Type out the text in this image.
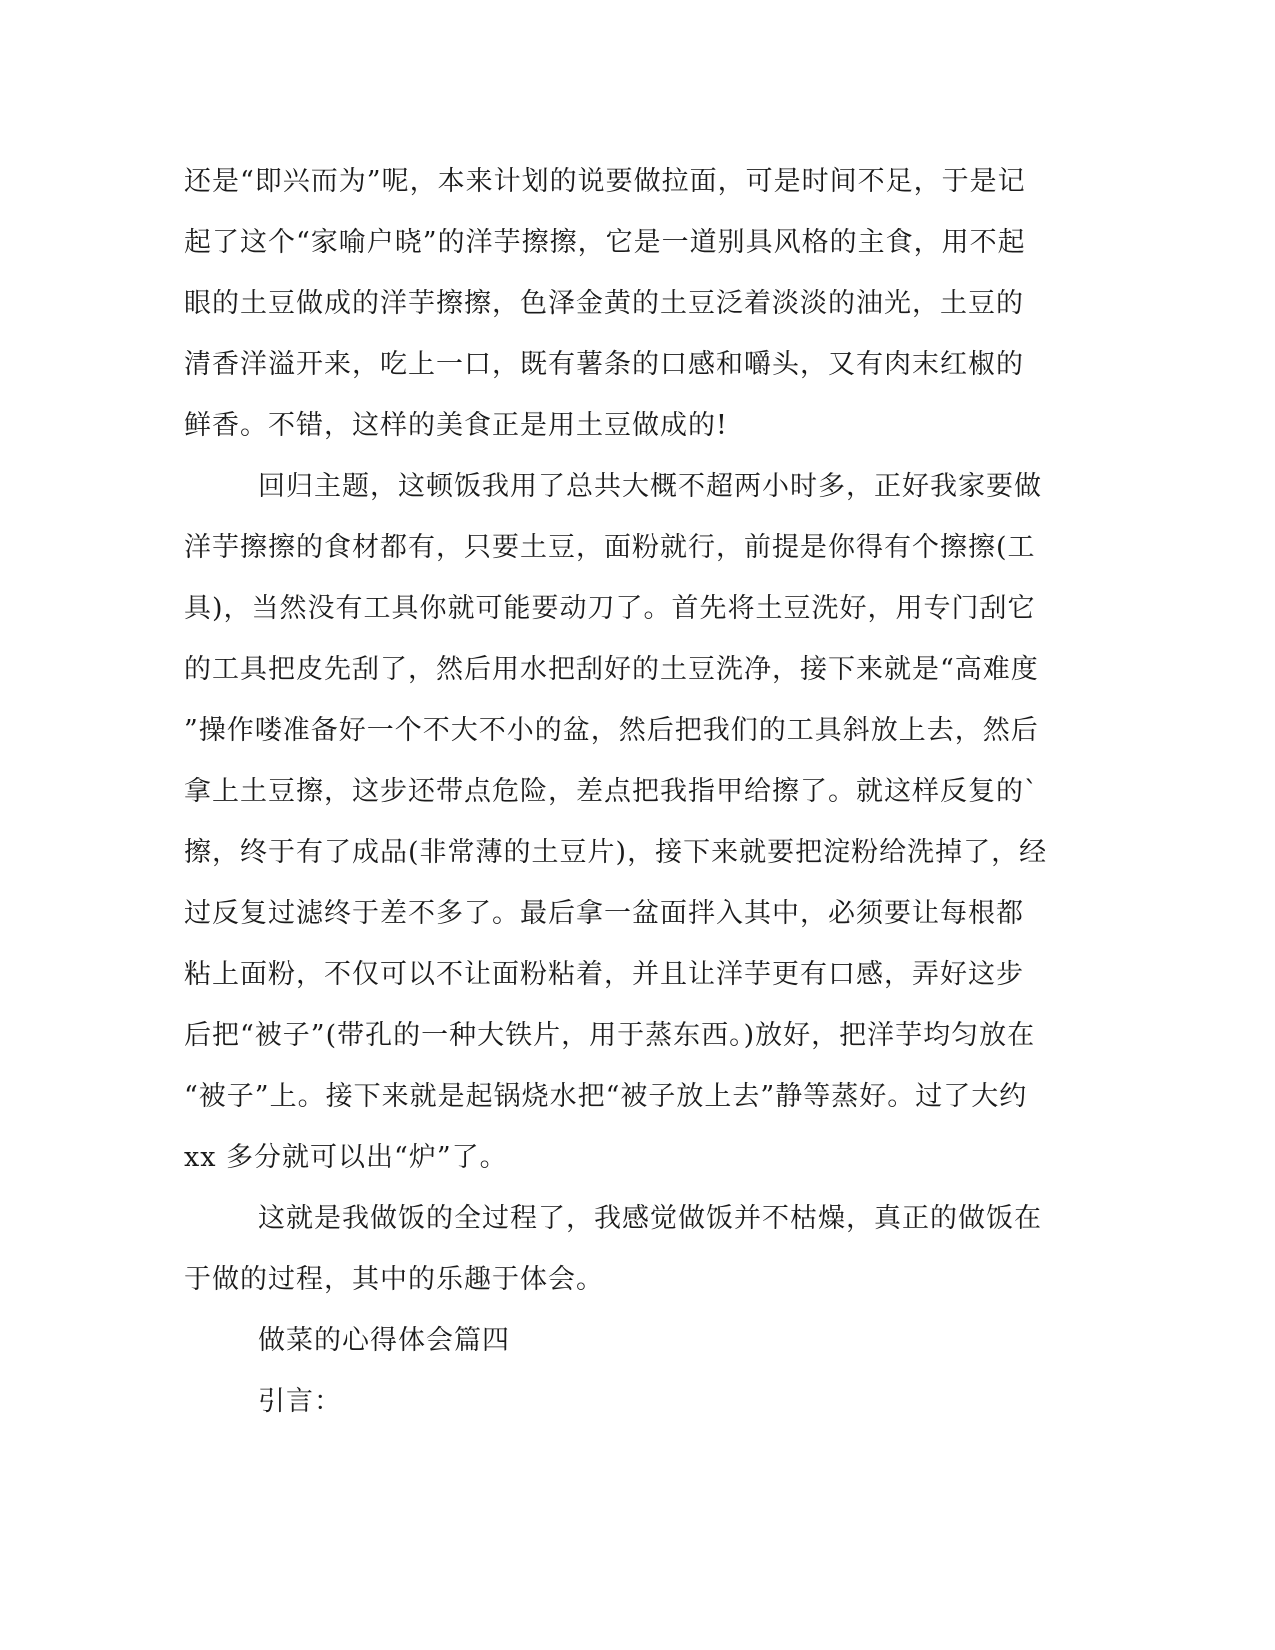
还是“即兴而为”呢，本来计划的说要做拉面，可是时间不足，于是记
起了这个“家喻户晓”的洋芋擦擦，它是一道别具风格的主食，用不起
眼的土豆做成的洋芋擦擦，色泽金黄的土豆泛着淡淡的油光，土豆的
清香洋溢开来，吃上一口，既有薯条的口感和嚼头，又有肉末红椒的
鲜香。不错，这样的美食正是用土豆做成的!
回归主题，这顿饭我用了总共大概不超两小时多，正好我家要做
洋芋擦擦的食材都有，只要土豆，面粉就行，前提是你得有个擦擦(工
具)，当然没有工具你就可能要动刀了。首先将土豆洗好，用专门刮它
的工具把皮先刮了，然后用水把刮好的土豆洗净，接下来就是“高难度
”操作喽准备好一个不大不小的盆，然后把我们的工具斜放上去，然后
拿上土豆擦，这步还带点危险，差点把我指甲给擦了。就这样反复的`
擦，终于有了成品(非常薄的土豆片)，接下来就要把淀粉给洗掉了，经
过反复过滤终于差不多了。最后拿一盆面拌入其中，必须要让每根都
粘上面粉，不仅可以不让面粉粘着，并且让洋芋更有口感，弄好这步
后把“被子”(带孔的一种大铁片，用于蒸东西。)放好，把洋芋均匀放在
“被子”上。接下来就是起锅烧水把“被子放上去”静等蒸好。过了大约
xx 多分就可以出“炉”了。
这就是我做饭的全过程了，我感觉做饭并不枯燥，真正的做饭在
于做的过程，其中的乐趣于体会。
做菜的心得体会篇四
引言：
